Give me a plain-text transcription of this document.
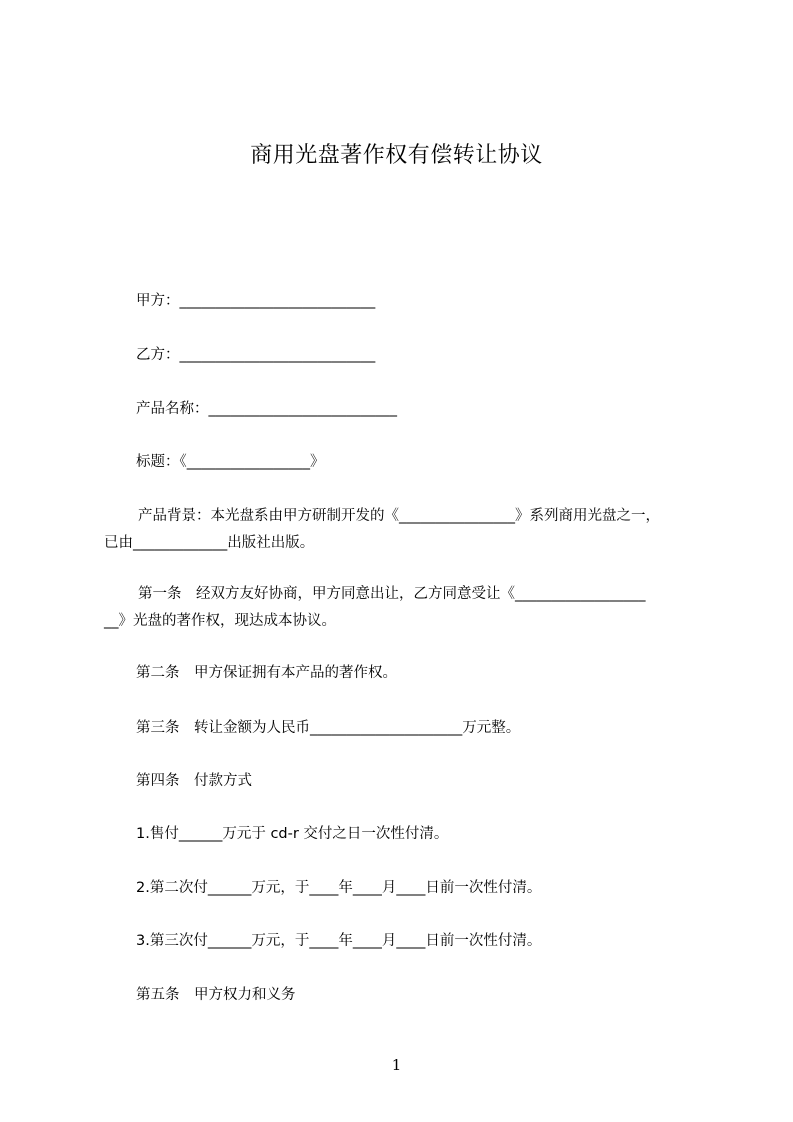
商用光盘著作权有偿转让协议
甲方：___________________________
乙方：___________________________
产品名称：__________________________
标题：《_________________》
产品背景：本光盘系由甲方研制开发的《________________》系列商用光盘之一，
已由_____________出版社出版。
第一条　经双方友好协商，甲方同意出让，乙方同意受让《__________________
__》光盘的著作权，现达成本协议。
第二条　甲方保证拥有本产品的著作权。
第三条　转让金额为人民币_____________________万元整。
第四条　付款方式
1.售付______万元于 cd-r 交付之日一次性付清。
2.第二次付______万元，于____年____月____日前一次性付清。
3.第三次付______万元，于____年____月____日前一次性付清。
第五条　甲方权力和义务
1
